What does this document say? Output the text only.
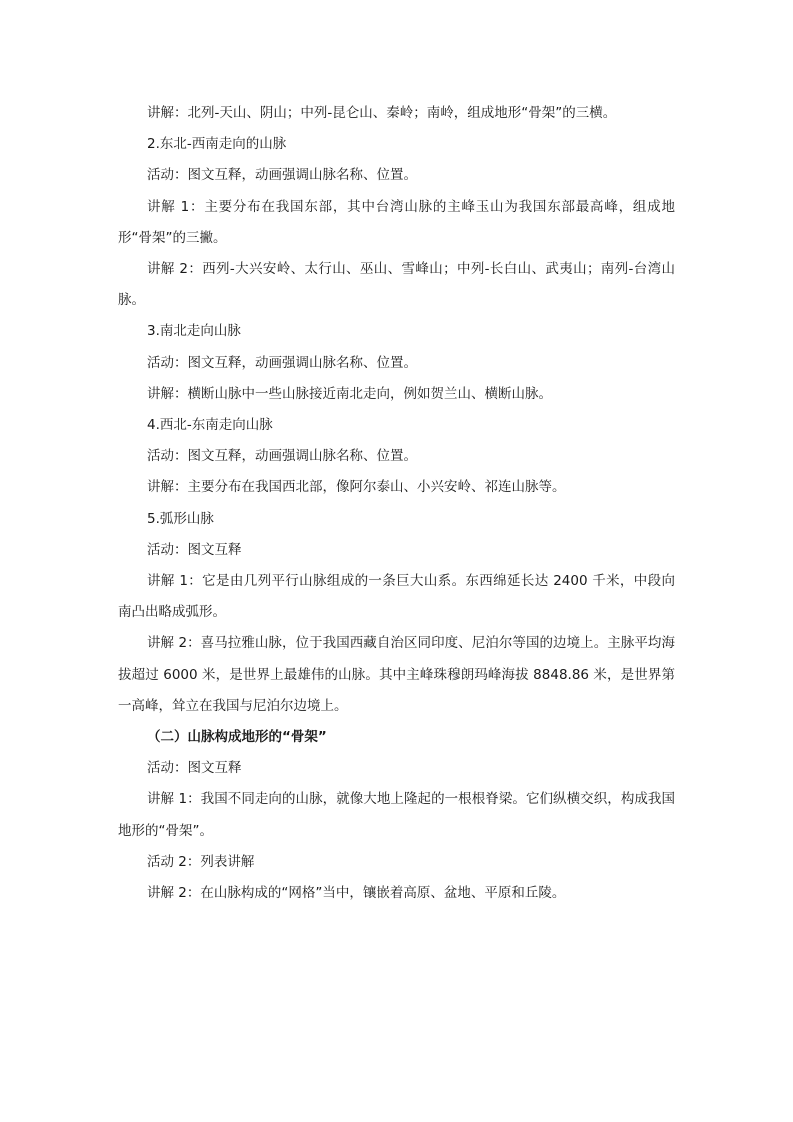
讲解：北列-天山、阴山；中列-昆仑山、秦岭；南岭，组成地形“骨架”的三横。

2.东北-西南走向的山脉

活动：图文互释，动画强调山脉名称、位置。

讲解 1：主要分布在我国东部，其中台湾山脉的主峰玉山为我国东部最高峰，组成地形“骨架”的三撇。

讲解 2：西列-大兴安岭、太行山、巫山、雪峰山；中列-长白山、武夷山；南列-台湾山脉。

3.南北走向山脉

活动：图文互释，动画强调山脉名称、位置。

讲解：横断山脉中一些山脉接近南北走向，例如贺兰山、横断山脉。

4.西北-东南走向山脉

活动：图文互释，动画强调山脉名称、位置。

讲解：主要分布在我国西北部，像阿尔泰山、小兴安岭、祁连山脉等。

5.弧形山脉

活动：图文互释

讲解 1：它是由几列平行山脉组成的一条巨大山系。东西绵延长达 2400 千米，中段向南凸出略成弧形。

讲解 2：喜马拉雅山脉，位于我国西藏自治区同印度、尼泊尔等国的边境上。主脉平均海拔超过 6000 米，是世界上最雄伟的山脉。其中主峰珠穆朗玛峰海拔 8848.86 米，是世界第一高峰，耸立在我国与尼泊尔边境上。

（二）山脉构成地形的“骨架”

活动：图文互释

讲解 1：我国不同走向的山脉，就像大地上隆起的一根根脊梁。它们纵横交织，构成我国地形的“骨架”。

活动 2：列表讲解

讲解 2：在山脉构成的“网格”当中，镶嵌着高原、盆地、平原和丘陵。
